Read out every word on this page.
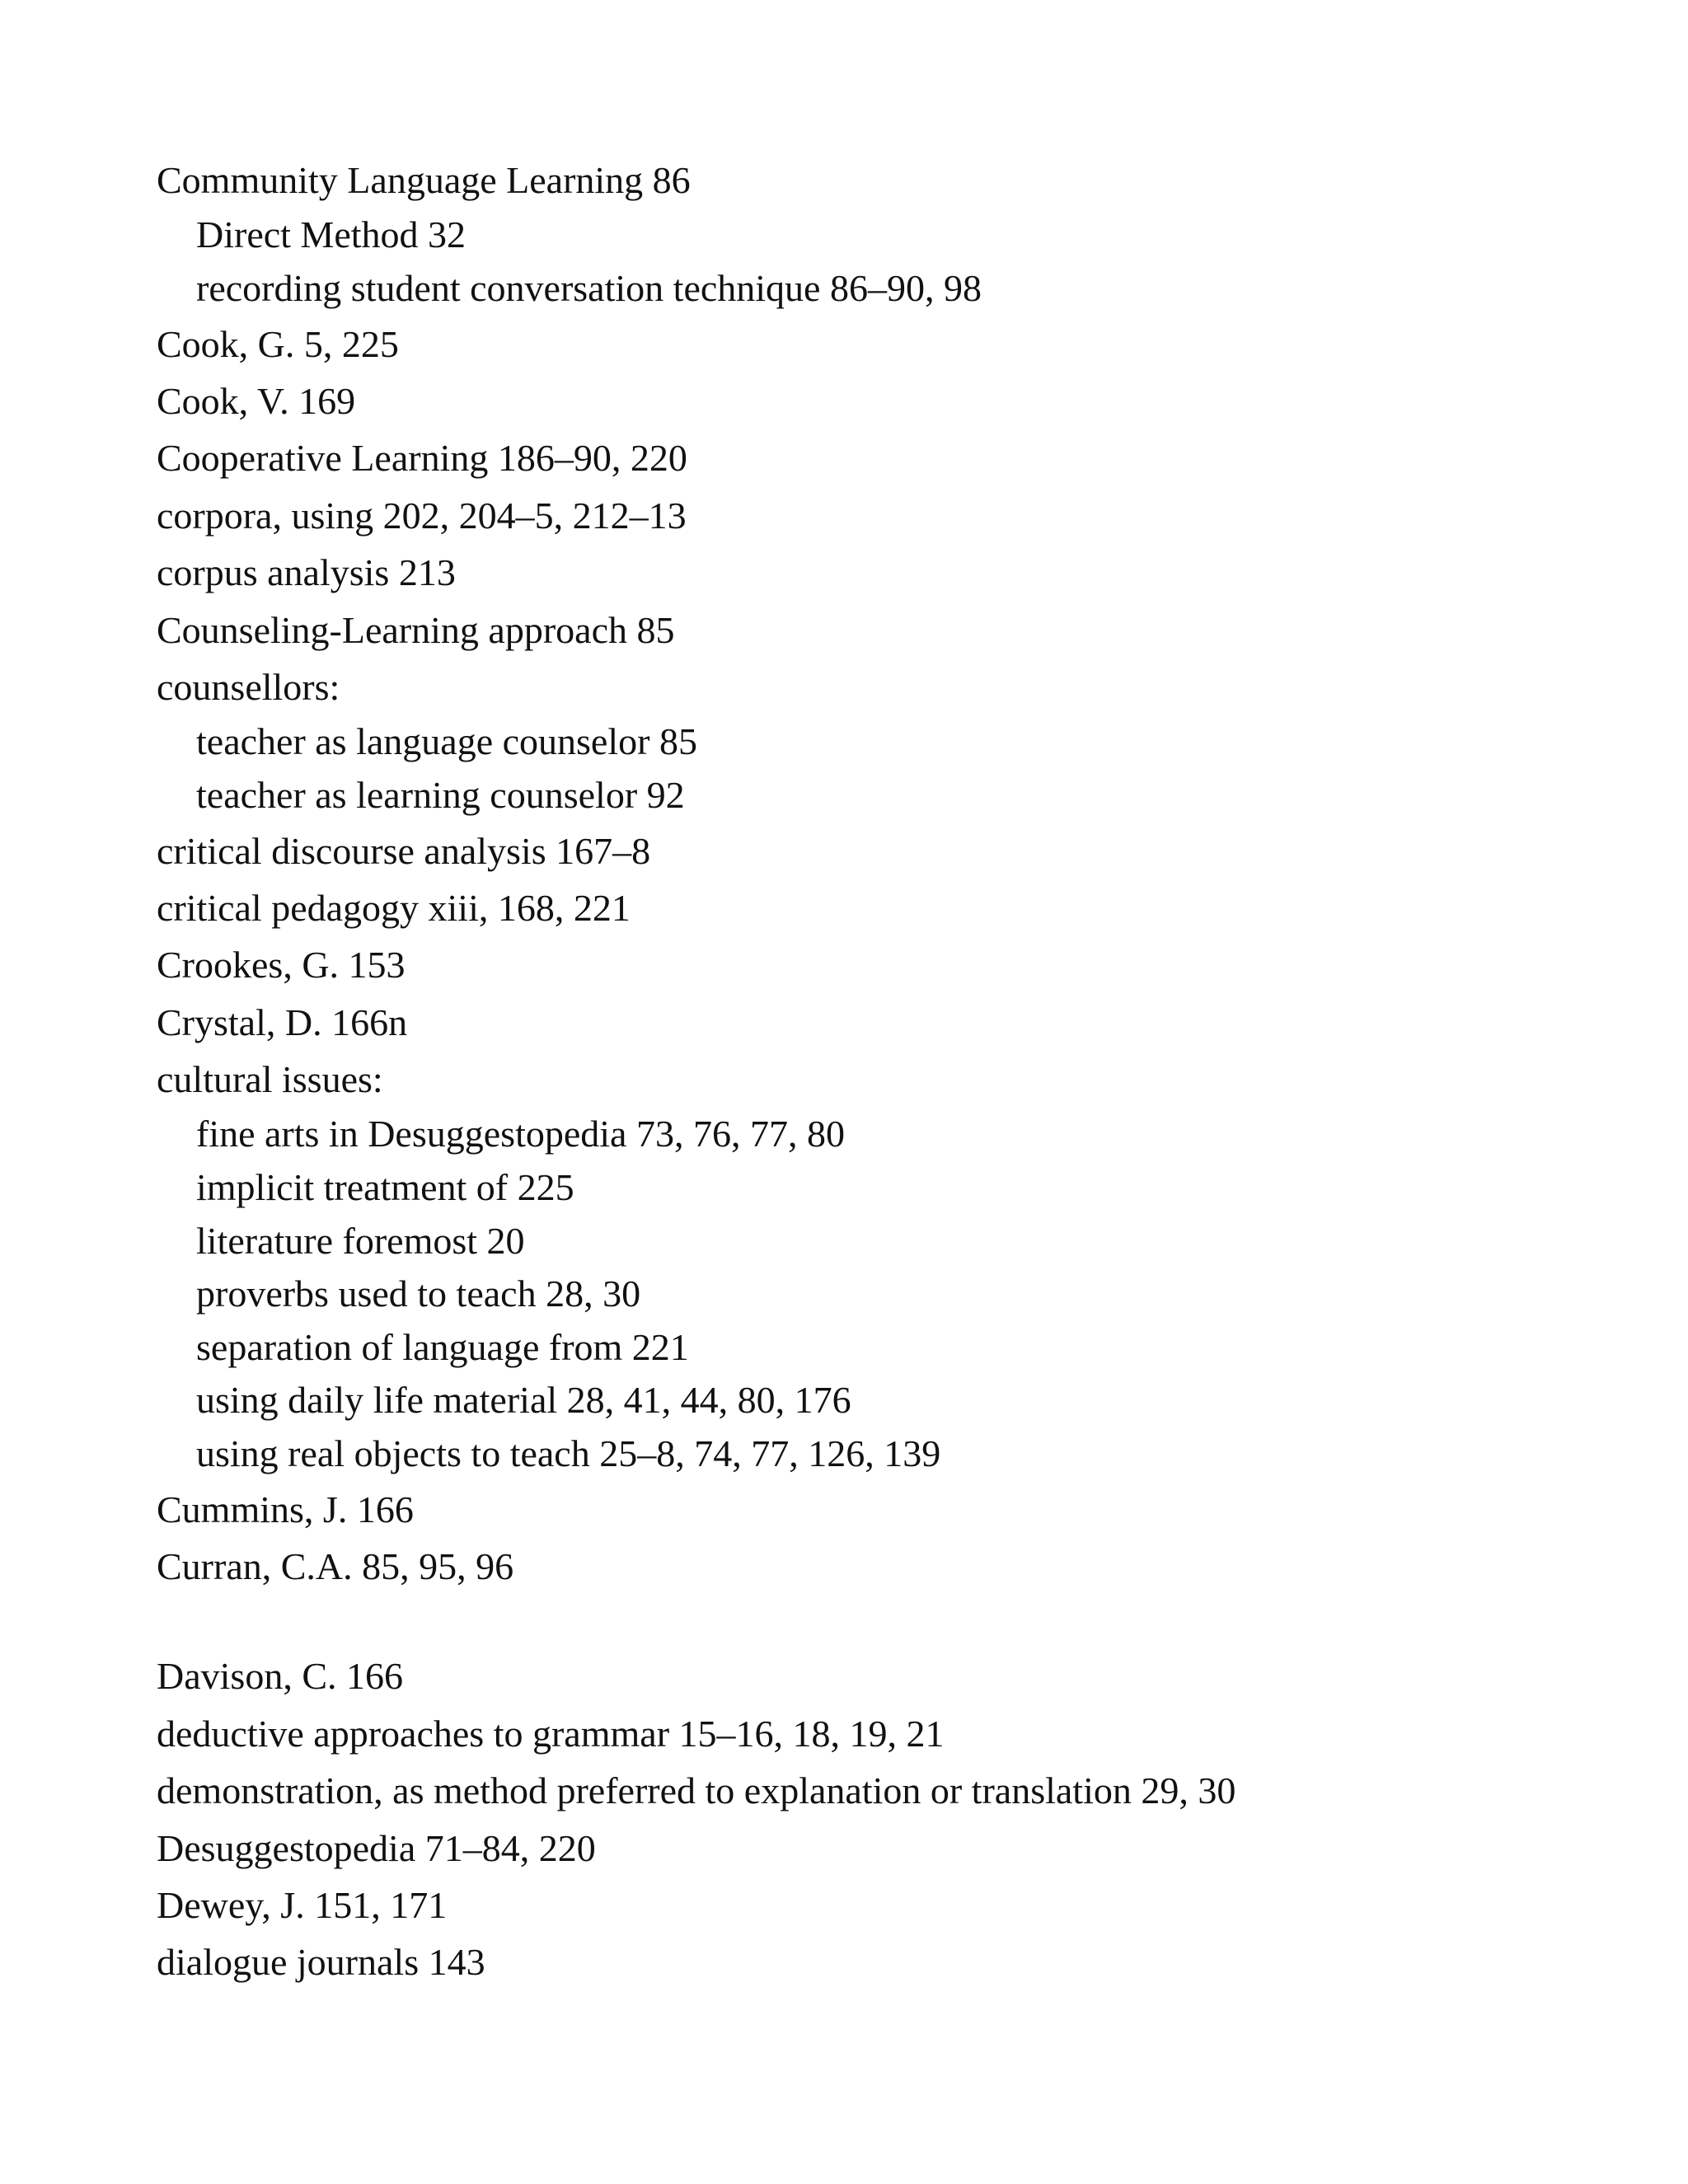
Community Language Learning 86
Direct Method 32
recording student conversation technique 86–90, 98
Cook, G. 5, 225
Cook, V. 169
Cooperative Learning 186–90, 220
corpora, using 202, 204–5, 212–13
corpus analysis 213
Counseling-Learning approach 85
counsellors:
teacher as language counselor 85
teacher as learning counselor 92
critical discourse analysis 167–8
critical pedagogy xiii, 168, 221
Crookes, G. 153
Crystal, D. 166n
cultural issues:
fine arts in Desuggestopedia 73, 76, 77, 80
implicit treatment of 225
literature foremost 20
proverbs used to teach 28, 30
separation of language from 221
using daily life material 28, 41, 44, 80, 176
using real objects to teach 25–8, 74, 77, 126, 139
Cummins, J. 166
Curran, C.A. 85, 95, 96
Davison, C. 166
deductive approaches to grammar 15–16, 18, 19, 21
demonstration, as method preferred to explanation or translation 29, 30
Desuggestopedia 71–84, 220
Dewey, J. 151, 171
dialogue journals 143
